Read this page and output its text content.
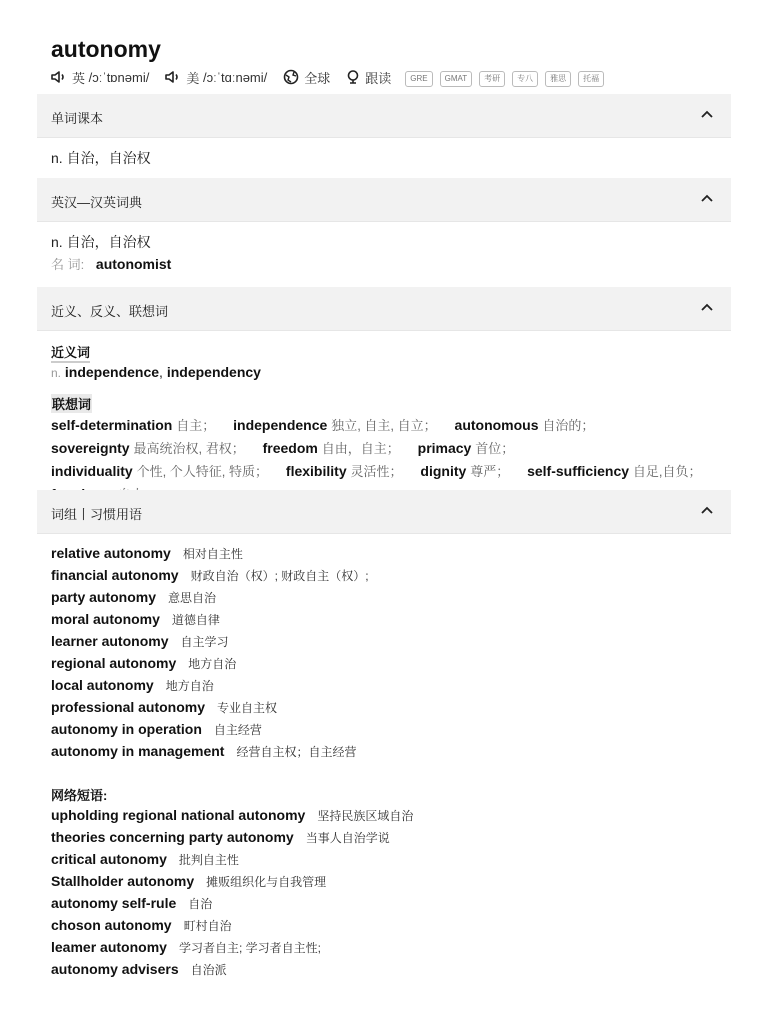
autonomy
英
/ɔːˈtɒnəmi/	美
/ɔːˈtɑːnəmi/	全球	跟读	GRE	GMAT	考研	专八	雅思	托福
单词课本
n. 自治，自治权
英汉—汉英词典
n. 自治，自治权
名 词: autonomist
近义、反义、联想词
近义词
n. independence, independency
联想词
self-determination 自主； independence 独立, 自主, 自立； autonomous 自治的； sovereignty 最高统治权, 君权； freedom 自由，自主； primacy 首位； individuality 个性, 个人特征, 特质； flexibility 灵活性； dignity 尊严； self-sufficiency 自足,自负；
词组丨习惯用语
relative autonomy 相对自主性
financial autonomy 财政自治（权）; 财政自主（权）;
party autonomy 意思自治
moral autonomy 道德自律
learner autonomy 自主学习
regional autonomy 地方自治
local autonomy 地方自治
professional autonomy 专业自主权
autonomy in operation 自主经营
autonomy in management 经营自主权；自主经营
网络短语:
upholding regional national autonomy 坚持民族区域自治
theories concerning party autonomy 当事人自治学说
critical autonomy 批判自主性
Stallholder autonomy 摊贩组织化与自我管理
autonomy self-rule 自治
choson autonomy 町村自治
leamer autonomy 学习者自主; 学习者自主性;
autonomy advisers 自治派
